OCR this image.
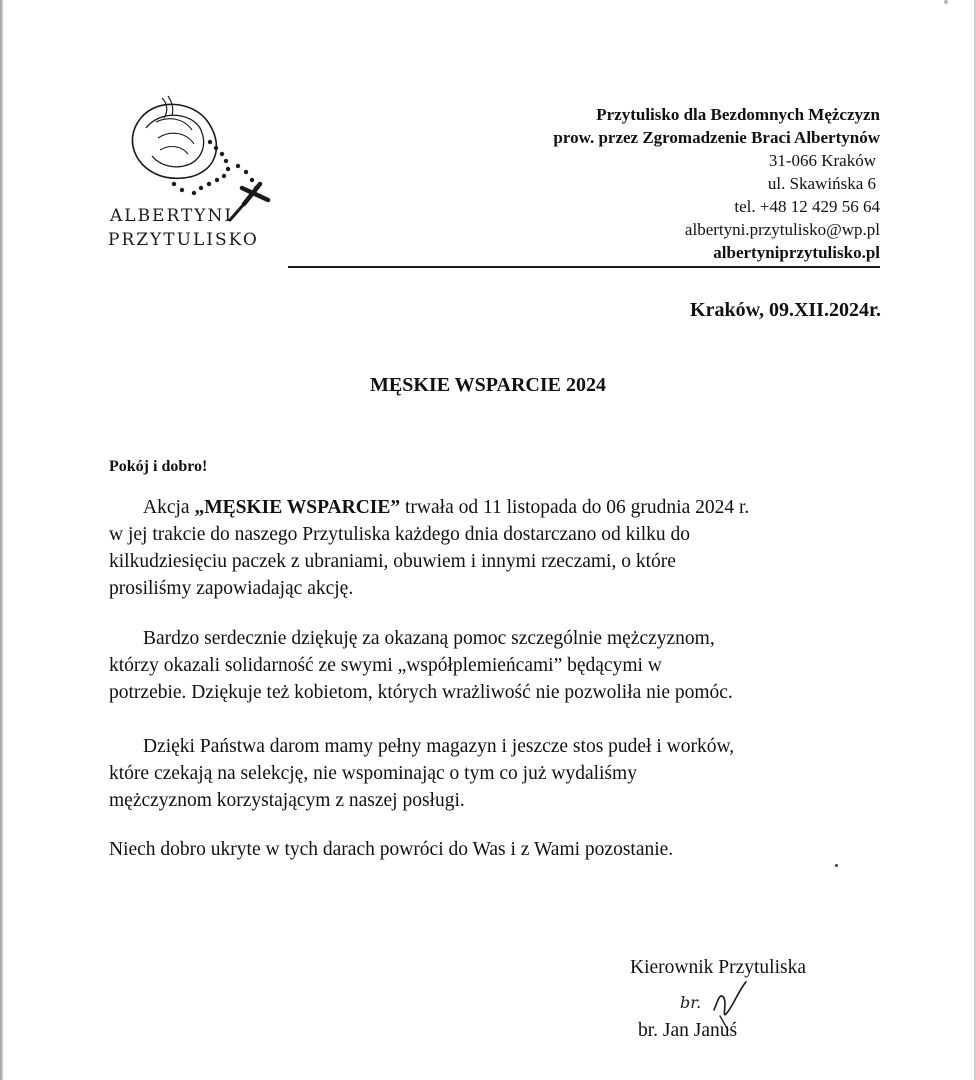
ALBERTYNI
PRZYTULISKO
Przytulisko dla Bezdomnych Mężczyzn
prow. przez Zgromadzenie Braci Albertynów
31-066 Kraków
ul. Skawińska 6
tel. +48 12 429 56 64
albertyni.przytulisko@wp.pl
albertyniprzytulisko.pl
Kraków, 09.XII.2024r.
MĘSKIE WSPARCIE 2024
Pokój i dobro!
Akcja „MĘSKIE WSPARCIE” trwała od 11 listopada do 06 grudnia 2024 r.
w jej trakcie do naszego Przytuliska każdego dnia dostarczano od kilku do
kilkudziesięciu paczek z ubraniami, obuwiem i innymi rzeczami, o które
prosiliśmy zapowiadając akcję.
Bardzo serdecznie dziękuję za okazaną pomoc szczególnie mężczyznom,
którzy okazali solidarność ze swymi „współplemieńcami” będącymi w
potrzebie. Dziękuje też kobietom, których wrażliwość nie pozwoliła nie pomóc.
Dzięki Państwa darom mamy pełny magazyn i jeszcze stos pudeł i worków,
które czekają na selekcję, nie wspominając o tym co już wydaliśmy
mężczyznom korzystającym z naszej posługi.
Niech dobro ukryte w tych darach powróci do Was i z Wami pozostanie.
Kierownik Przytuliska
br.
br. Jan Januś
